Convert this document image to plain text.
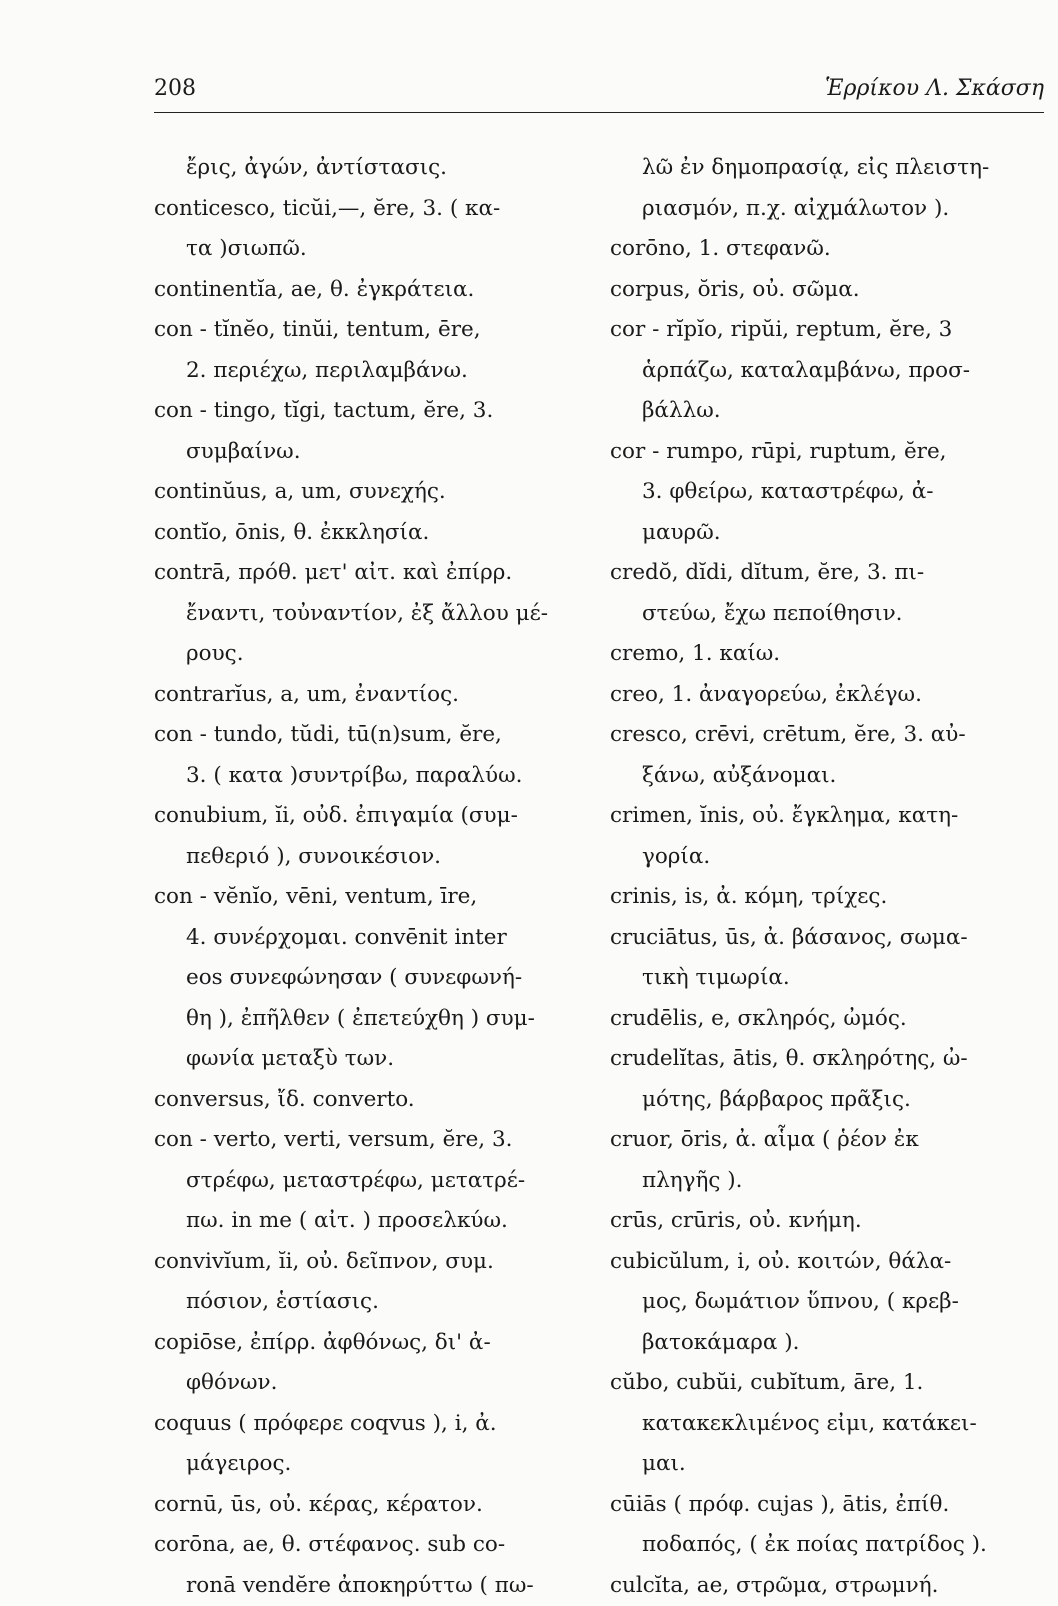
208	Ἑρρίκου Λ. Σκάσση
ἔρις, ἀγών, ἀντίστασις.
conticesco, ticŭi,—, ĕre, 3. ( κα-
τα )σιωπῶ.
continentĭa, ae, θ. ἐγκράτεια.
con - tĭnĕo, tinŭi, tentum, ēre,
2. περιέχω, περιλαμβάνω.
con - tingo, tĭgi, tactum, ĕre, 3.
συμβαίνω.
continŭus, a, um, συνεχής.
contĭo, ōnis, θ. ἐκκλησία.
contrā, πρόθ. μετ' αἰτ. καὶ ἐπίρρ.
ἔναντι, τοὐναντίον, ἐξ ἄλλου μέ-
ρους.
contrarĭus, a, um, ἐναντίος.
con - tundo, tŭdi, tū(n)sum, ĕre,
3. ( κατα )συντρίβω, παραλύω.
conubium, ĭi, οὐδ. ἐπιγαμία (συμ-
πεθεριό ), συνοικέσιον.
con - vĕnĭo, vēni, ventum, īre,
4. συνέρχομαι. convēnit inter
eos συνεφώνησαν ( συνεφωνή-
θη ), ἐπῆλθεν ( ἐπετεύχθη ) συμ-
φωνία μεταξὺ των.
conversus, ἴδ. converto.
con - verto, verti, versum, ĕre, 3.
στρέφω, μεταστρέφω, μετατρέ-
πω. in me ( αἰτ. ) προσελκύω.
convivĭum, ĭi, οὐ. δεῖπνον, συμ.
πόσιον, ἑστίασις.
copiōse, ἐπίρρ. ἀφθόνως, δι' ἀ-
φθόνων.
coquus ( πρόφερε coqvus ), i, ἀ.
μάγειρος.
cornū, ūs, οὐ. κέρας, κέρατον.
corōna, ae, θ. στέφανος. sub co-
ronā vendĕre ἀποκηρύττω ( πω-
λῶ ἐν δημοπρασίᾳ, εἰς πλειστη-
ριασμόν, π.χ. αἰχμάλωτον ).
corōno, 1. στεφανῶ.
corpus, ŏris, οὐ. σῶμα.
cor - rĭpĭo, ripŭi, reptum, ĕre, 3
ἁρπάζω, καταλαμβάνω, προσ-
βάλλω.
cor - rumpo, rūpi, ruptum, ĕre,
3. φθείρω, καταστρέφω, ἀ-
μαυρῶ.
credŏ, dĭdi, dĭtum, ĕre, 3. πι-
στεύω, ἔχω πεποίθησιν.
cremo, 1. καίω.
creo, 1. ἀναγορεύω, ἐκλέγω.
cresco, crēvi, crētum, ĕre, 3. αὐ-
ξάνω, αὐξάνομαι.
crimen, ĭnis, οὐ. ἔγκλημα, κατη-
γορία.
crinis, is, ἀ. κόμη, τρίχες.
cruciātus, ūs, ἀ. βάσανος, σωμα-
τικὴ τιμωρία.
crudēlis, e, σκληρός, ὠμός.
crudelĭtas, ātis, θ. σκληρότης, ὠ-
μότης, βάρβαρος πρᾶξις.
cruor, ōris, ἀ. αἷμα ( ῥέον ἐκ
πληγῆς ).
crūs, crūris, οὐ. κνήμη.
cubicŭlum, i, οὐ. κοιτών, θάλα-
μος, δωμάτιον ὕπνου, ( κρεβ-
βατοκάμαρα ).
cŭbo, cubŭi, cubĭtum, āre, 1.
κατακεκλιμένος εἰμι, κατάκει-
μαι.
cūiās ( πρόφ. cujas ), ātis, ἐπίθ.
ποδαπός, ( ἐκ ποίας πατρίδος ).
culcĭta, ae, στρῶμα, στρωμνή.
